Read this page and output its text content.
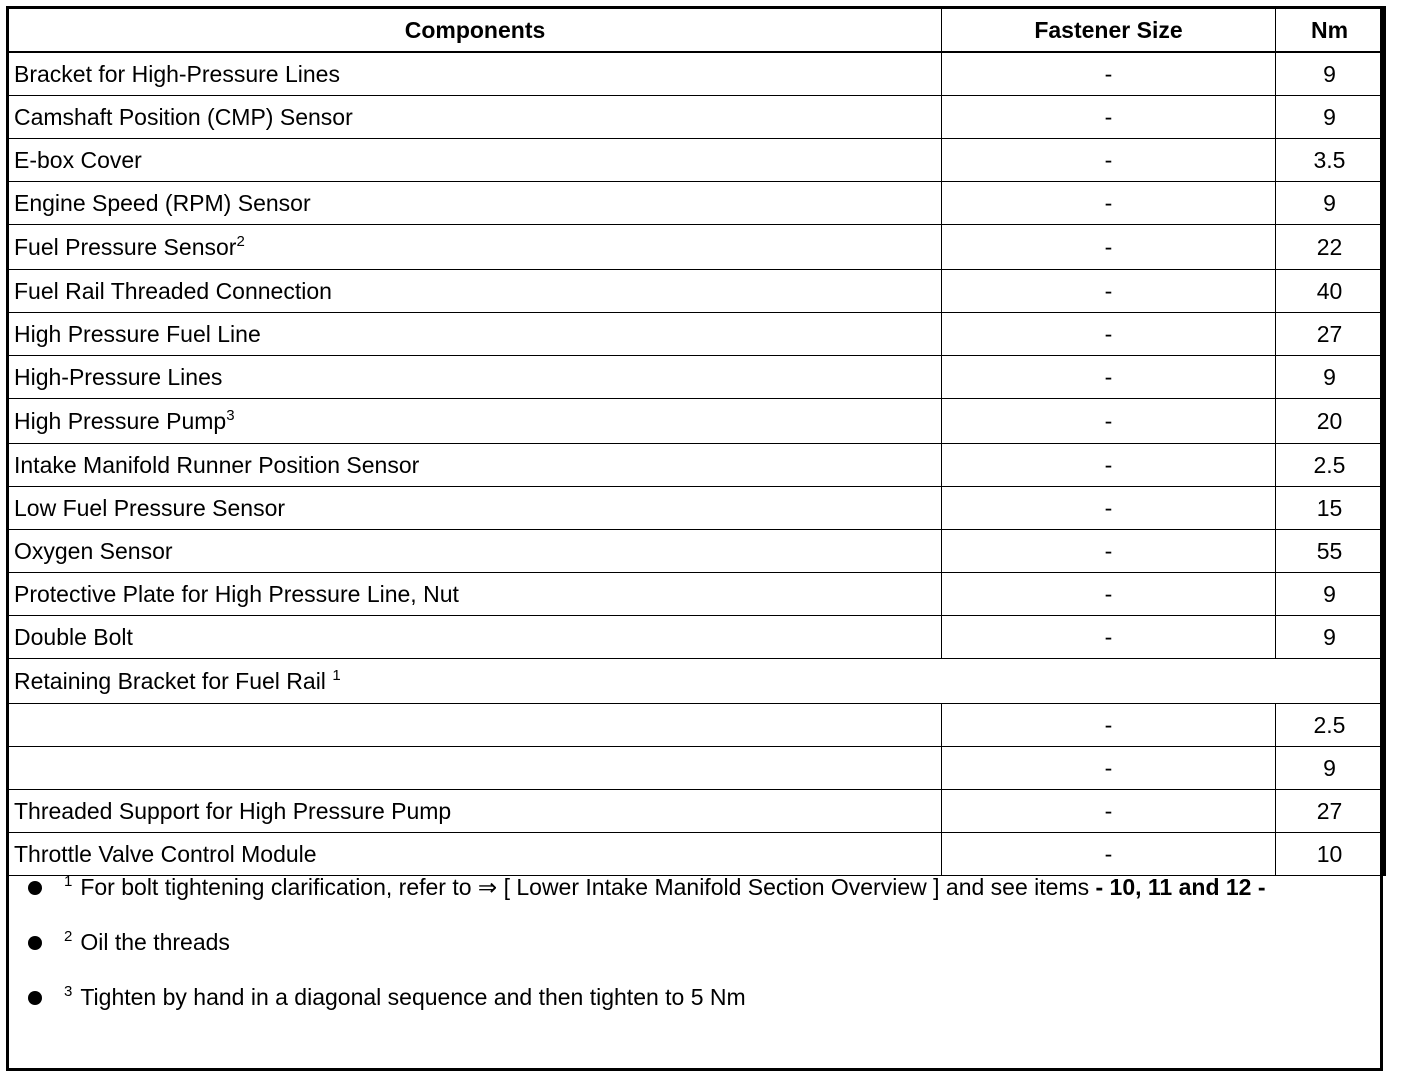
Components	Fastener Size	Nm
Bracket for High-Pressure Lines	-	9
Camshaft Position (CMP) Sensor	-	9
E-box Cover	-	3.5
Engine Speed (RPM) Sensor	-	9
Fuel Pressure Sensor$^2$	-	22
Fuel Rail Threaded Connection	-	40
High Pressure Fuel Line	-	27
High-Pressure Lines	-	9
High Pressure Pump$^3$	-	20
Intake Manifold Runner Position Sensor	-	2.5
Low Fuel Pressure Sensor	-	15
Oxygen Sensor	-	55
Protective Plate for High Pressure Line, Nut	-	9
Double Bolt	-	9
Retaining Bracket for Fuel Rail $^1$
	-	2.5
	-	9
Threaded Support for High Pressure Pump	-	27
Throttle Valve Control Module	-	10
$^1$ For bolt tightening clarification, refer to ⇒ [ Lower Intake Manifold Section Overview ] and see items - 10, 11 and 12 -
$^2$ Oil the threads
$^3$ Tighten by hand in a diagonal sequence and then tighten to 5 Nm
